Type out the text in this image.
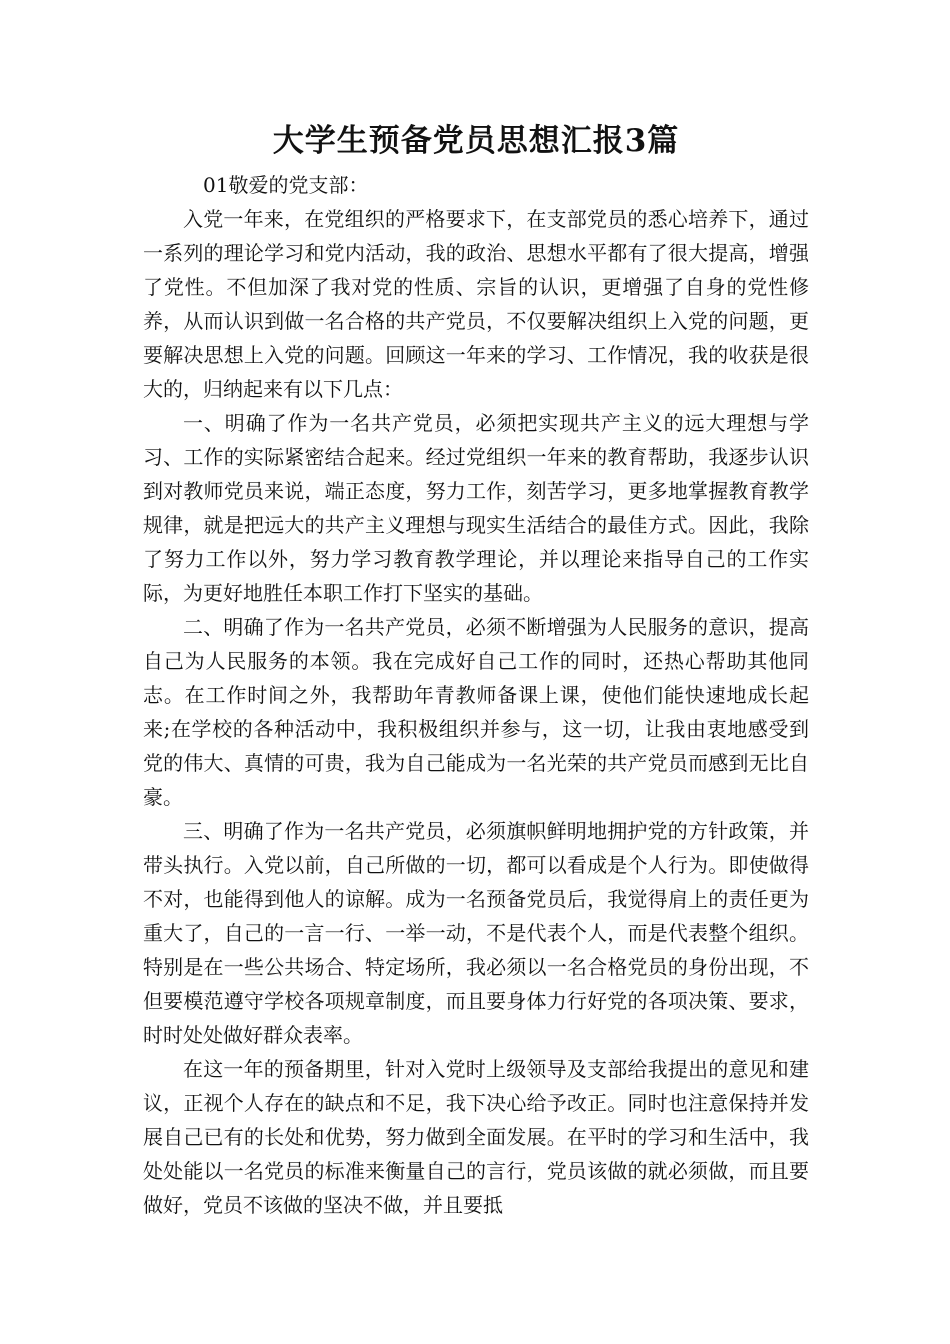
大学生预备党员思想汇报3篇

01敬爱的党支部：

入党一年来，在党组织的严格要求下，在支部党员的悉心培养下，通过一系列的理论学习和党内活动，我的政治、思想水平都有了很大提高，增强了党性。不但加深了我对党的性质、宗旨的认识，更增强了自身的党性修养，从而认识到做一名合格的共产党员，不仅要解决组织上入党的问题，更要解决思想上入党的问题。回顾这一年来的学习、工作情况，我的收获是很大的，归纳起来有以下几点：

一、明确了作为一名共产党员，必须把实现共产主义的远大理想与学习、工作的实际紧密结合起来。经过党组织一年来的教育帮助，我逐步认识到对教师党员来说，端正态度，努力工作，刻苦学习，更多地掌握教育教学规律，就是把远大的共产主义理想与现实生活结合的最佳方式。因此，我除了努力工作以外，努力学习教育教学理论，并以理论来指导自己的工作实际，为更好地胜任本职工作打下坚实的基础。

二、明确了作为一名共产党员，必须不断增强为人民服务的意识，提高自己为人民服务的本领。我在完成好自己工作的同时，还热心帮助其他同志。在工作时间之外，我帮助年青教师备课上课，使他们能快速地成长起来;在学校的各种活动中，我积极组织并参与，这一切，让我由衷地感受到党的伟大、真情的可贵，我为自己能成为一名光荣的共产党员而感到无比自豪。

三、明确了作为一名共产党员，必须旗帜鲜明地拥护党的方针政策，并带头执行。入党以前，自己所做的一切，都可以看成是个人行为。即使做得不对，也能得到他人的谅解。成为一名预备党员后，我觉得肩上的责任更为重大了，自己的一言一行、一举一动，不是代表个人，而是代表整个组织。特别是在一些公共场合、特定场所，我必须以一名合格党员的身份出现，不但要模范遵守学校各项规章制度，而且要身体力行好党的各项决策、要求，时时处处做好群众表率。

在这一年的预备期里，针对入党时上级领导及支部给我提出的意见和建议，正视个人存在的缺点和不足，我下决心给予改正。同时也注意保持并发展自己已有的长处和优势，努力做到全面发展。在平时的学习和生活中，我处处能以一名党员的标准来衡量自己的言行，党员该做的就必须做，而且要做好，党员不该做的坚决不做，并且要抵
